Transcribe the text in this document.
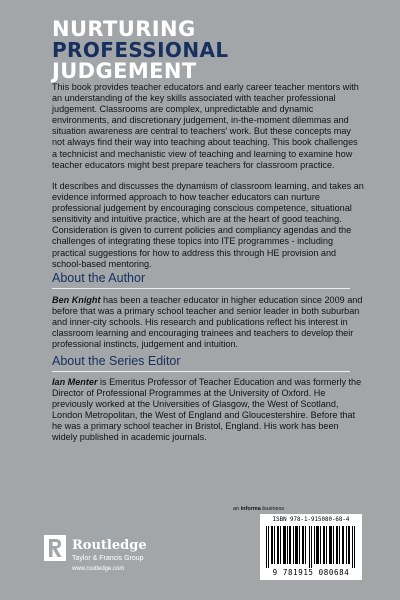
NURTURING
PROFESSIONAL
JUDGEMENT

This book provides teacher educators and early career teacher mentors with an understanding of the key skills associated with teacher professional judgement. Classrooms are complex, unpredictable and dynamic environments, and discretionary judgement, in-the-moment dilemmas and situation awareness are central to teachers' work. But these concepts may not always find their way into teaching about teaching. This book challenges a technicist and mechanistic view of teaching and learning to examine how teacher educators might best prepare teachers for classroom practice.

It describes and discusses the dynamism of classroom learning, and takes an evidence informed approach to how teacher educators can nurture professional judgement by encouraging conscious competence, situational sensitivity and intuitive practice, which are at the heart of good teaching. Consideration is given to current policies and compliancy agendas and the challenges of integrating these topics into ITE programmes - including practical suggestions for how to address this through HE provision and school-based mentoring.

About the Author

Ben Knight has been a teacher educator in higher education since 2009 and before that was a primary school teacher and senior leader in both suburban and inner-city schools. His research and publications reflect his interest in classroom learning and encouraging trainees and teachers to develop their professional instincts, judgement and intuition.

About the Series Editor

Ian Menter is Emeritus Professor of Teacher Education and was formerly the Director of Professional Programmes at the University of Oxford. He previously worked at the Universities of Glasgow, the West of Scotland, London Metropolitan, the West of England and Gloucestershire. Before that he was a primary school teacher in Bristol, England. His work has been widely published in academic journals.

an informa business
Routledge
Taylor & Francis Group
www.routledge.com
ISBN 978-1-915080-68-4
9 781915 080684
